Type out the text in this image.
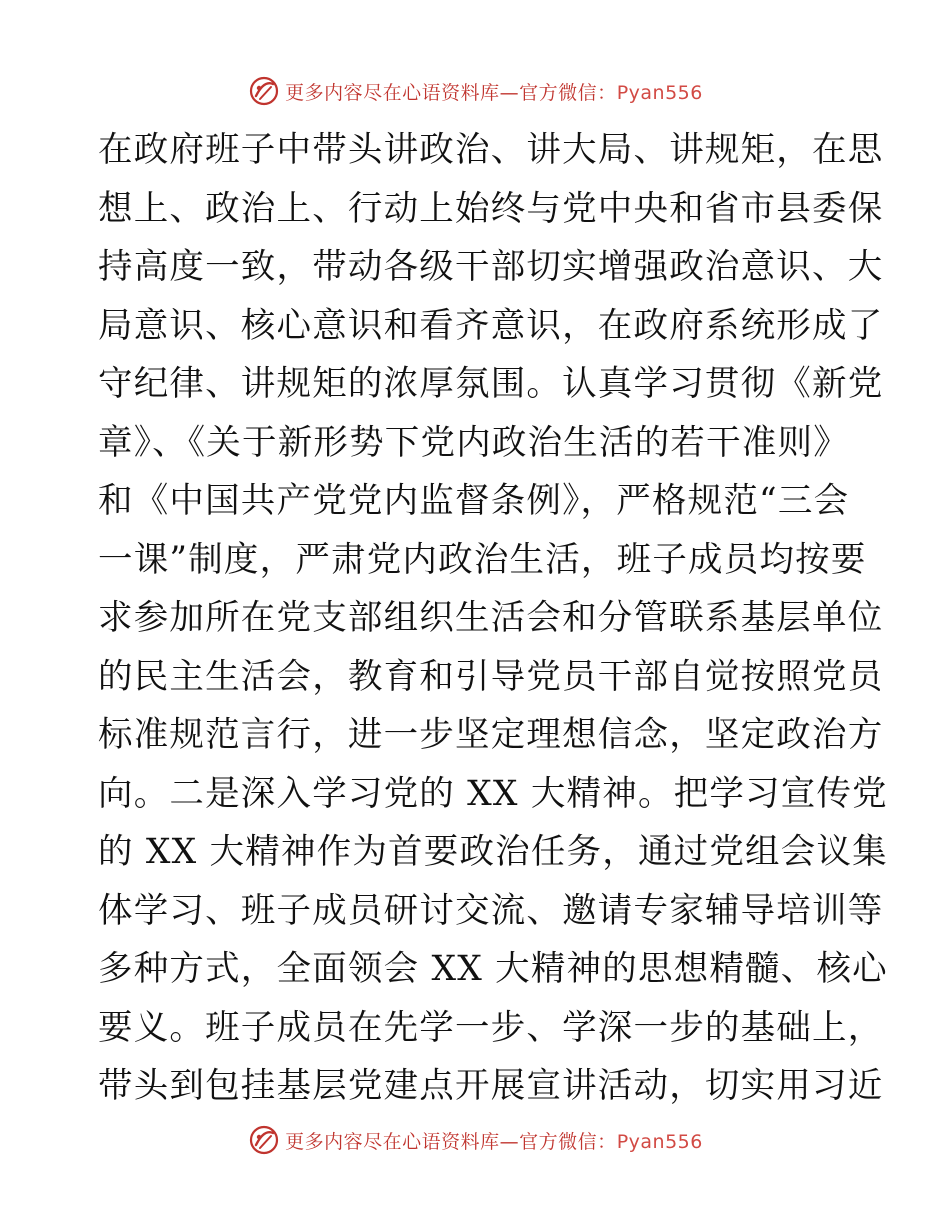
更多内容尽在心语资料库—官方微信：Pyan556
在政府班子中带头讲政治、讲大局、讲规矩，在思
想上、政治上、行动上始终与党中央和省市县委保
持高度一致，带动各级干部切实增强政治意识、大
局意识、核心意识和看齐意识，在政府系统形成了
守纪律、讲规矩的浓厚氛围。认真学习贯彻《新党
章》、《关于新形势下党内政治生活的若干准则》
和《中国共产党党内监督条例》，严格规范“三会
一课”制度，严肃党内政治生活，班子成员均按要
求参加所在党支部组织生活会和分管联系基层单位
的民主生活会，教育和引导党员干部自觉按照党员
标准规范言行，进一步坚定理想信念，坚定政治方
向。二是深入学习党的 XX 大精神。把学习宣传党
的 XX 大精神作为首要政治任务，通过党组会议集
体学习、班子成员研讨交流、邀请专家辅导培训等
多种方式，全面领会 XX 大精神的思想精髓、核心
要义。班子成员在先学一步、学深一步的基础上，
带头到包挂基层党建点开展宣讲活动，切实用习近
更多内容尽在心语资料库—官方微信：Pyan556
